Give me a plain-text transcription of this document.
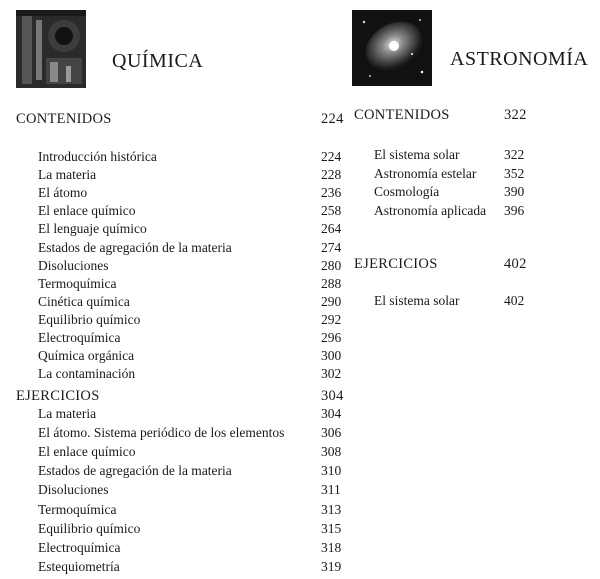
QUÍMICA
CONTENIDOS	224
Introducción histórica	224
La materia	228
El átomo	236
El enlace químico	258
El lenguaje químico	264
Estados de agregación de la materia	274
Disoluciones	280
Termoquímica	288
Cinética química	290
Equilibrio químico	292
Electroquímica	296
Química orgánica	300
La contaminación	302
EJERCICIOS	304
La materia	304
El átomo. Sistema periódico de los elementos	306
El enlace químico	308
Estados de agregación de la materia	310
Disoluciones	311
Termoquímica	313
Equilibrio químico	315
Electroquímica	318
Estequiometría	319
ASTRONOMÍA
CONTENIDOS	322
El sistema solar	322
Astronomía estelar 352
Cosmología	390
Astronomía aplicada 396
EJERCICIOS	402
El sistema solar	402
